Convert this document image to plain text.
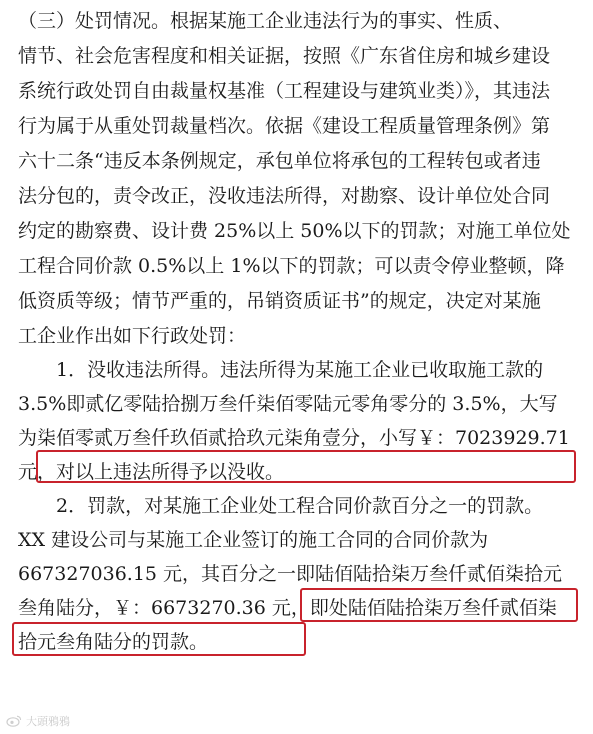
（三）处罚情况。根据某施工企业违法行为的事实、性质、
情节、社会危害程度和相关证据，按照《广东省住房和城乡建设
系统行政处罚自由裁量权基准（工程建设与建筑业类）》，其违法
行为属于从重处罚裁量档次。依据《建设工程质量管理条例》第
六十二条“违反本条例规定，承包单位将承包的工程转包或者违
法分包的，责令改正，没收违法所得，对勘察、设计单位处合同
约定的勘察费、设计费 25%以上 50%以下的罚款；对施工单位处
工程合同价款 0.5%以上 1%以下的罚款；可以责令停业整顿，降
低资质等级；情节严重的，吊销资质证书”的规定，决定对某施
工企业作出如下行政处罚：
1．没收违法所得。违法所得为某施工企业已收取施工款的
3.5%即贰亿零陆拾捌万叁仟柒佰零陆元零角零分的 3.5%，大写
为柒佰零贰万叁仟玖佰贰拾玖元柒角壹分，小写￥：7023929.71
元，对以上违法所得予以没收。
2．罚款，对某施工企业处工程合同价款百分之一的罚款。
XX 建设公司与某施工企业签订的施工合同的合同价款为
667327036.15 元，其百分之一即陆佰陆拾柒万叁仟贰佰柒拾元
叁角陆分，￥：6673270.36 元，即处陆佰陆拾柒万叁仟贰佰柒
拾元叁角陆分的罚款。
大頭鴉鴉
